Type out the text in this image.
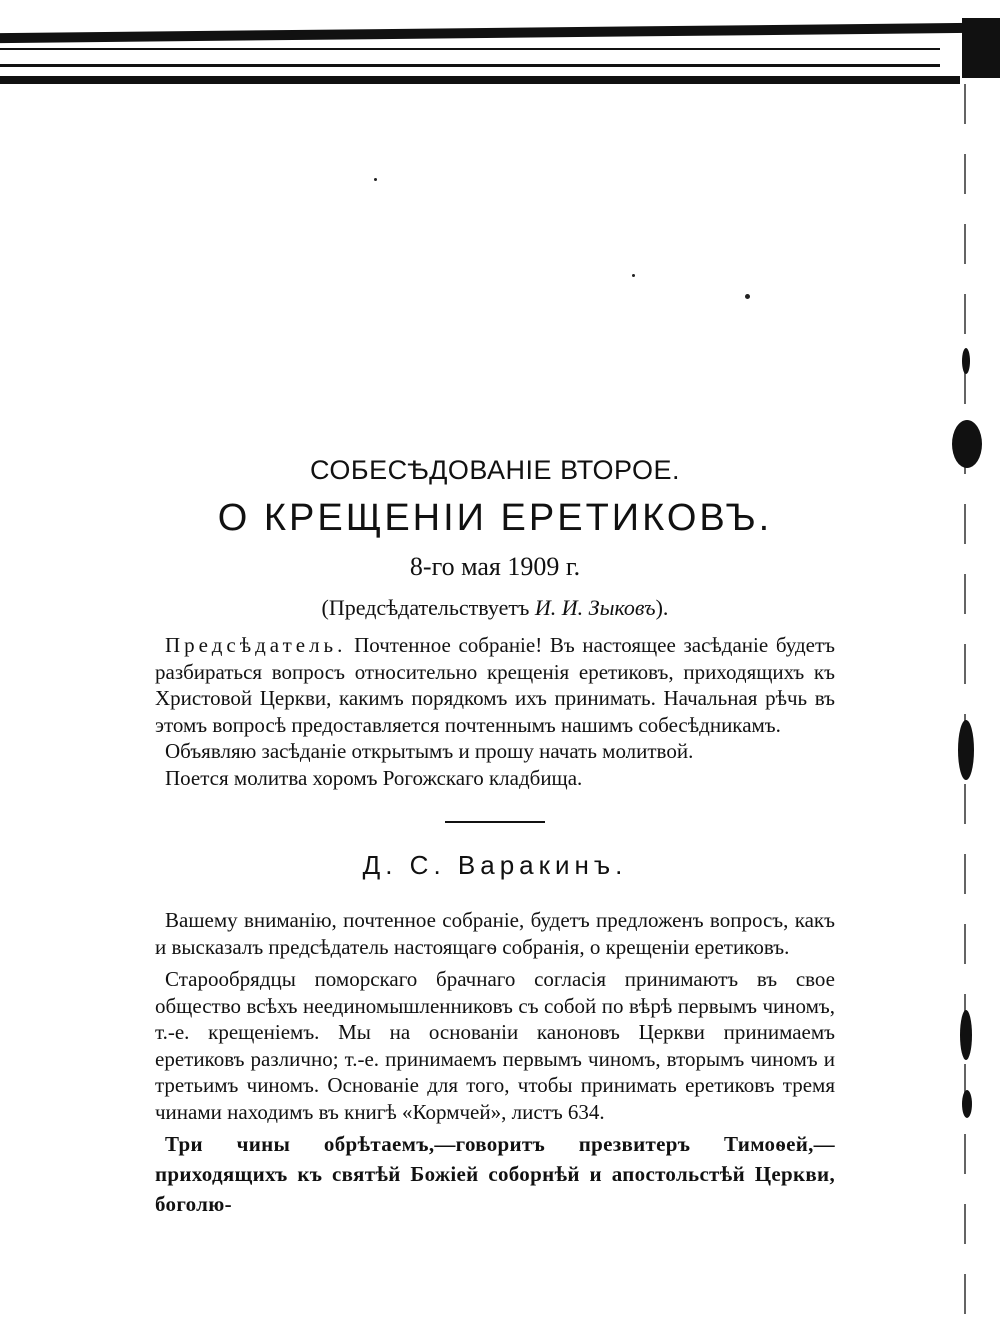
СОБЕСѢДОВАНІЕ ВТОРОЕ.
О КРЕЩЕНІИ ЕРЕТИКОВЪ.
8-го мая 1909 г.
(Предсѣдательствуетъ И. И. Зыковъ).

Предсѣдатель. Почтенное собраніе! Въ настоящее засѣданіе будетъ разбираться вопросъ относительно крещенія еретиковъ, приходящихъ къ Христовой Церкви, какимъ порядкомъ ихъ принимать. Начальная рѣчь въ этомъ вопросѣ предоставляется почтеннымъ нашимъ собесѣдникамъ.

Объявляю засѣданіе открытымъ и прошу начать молитвой.

Поется молитва хоромъ Рогожскаго кладбища.

Д. С. Варакинъ.

Вашему вниманію, почтенное собраніе, будетъ предложенъ вопросъ, какъ и высказалъ предсѣдатель настоящагѳ собранія, о крещеніи еретиковъ.

Старообрядцы поморскаго брачнаго согласія принимаютъ въ свое общество всѣхъ неединомышленниковъ съ собой по вѣрѣ первымъ чиномъ, т.-е. крещеніемъ. Мы на основаніи каноновъ Церкви принимаемъ еретиковъ различно; т.-е. принимаемъ первымъ чиномъ, вторымъ чиномъ и третьимъ чиномъ. Основаніе для того, чтобы принимать еретиковъ тремя чинами находимъ въ книгѣ «Кормчей», листъ 634.

Три чины обрѣтаемъ,—говоритъ презвитеръ Тимоѳей,—приходящихъ къ святѣй Божіей соборнѣй и апостольстѣй Церкви, боголю-
